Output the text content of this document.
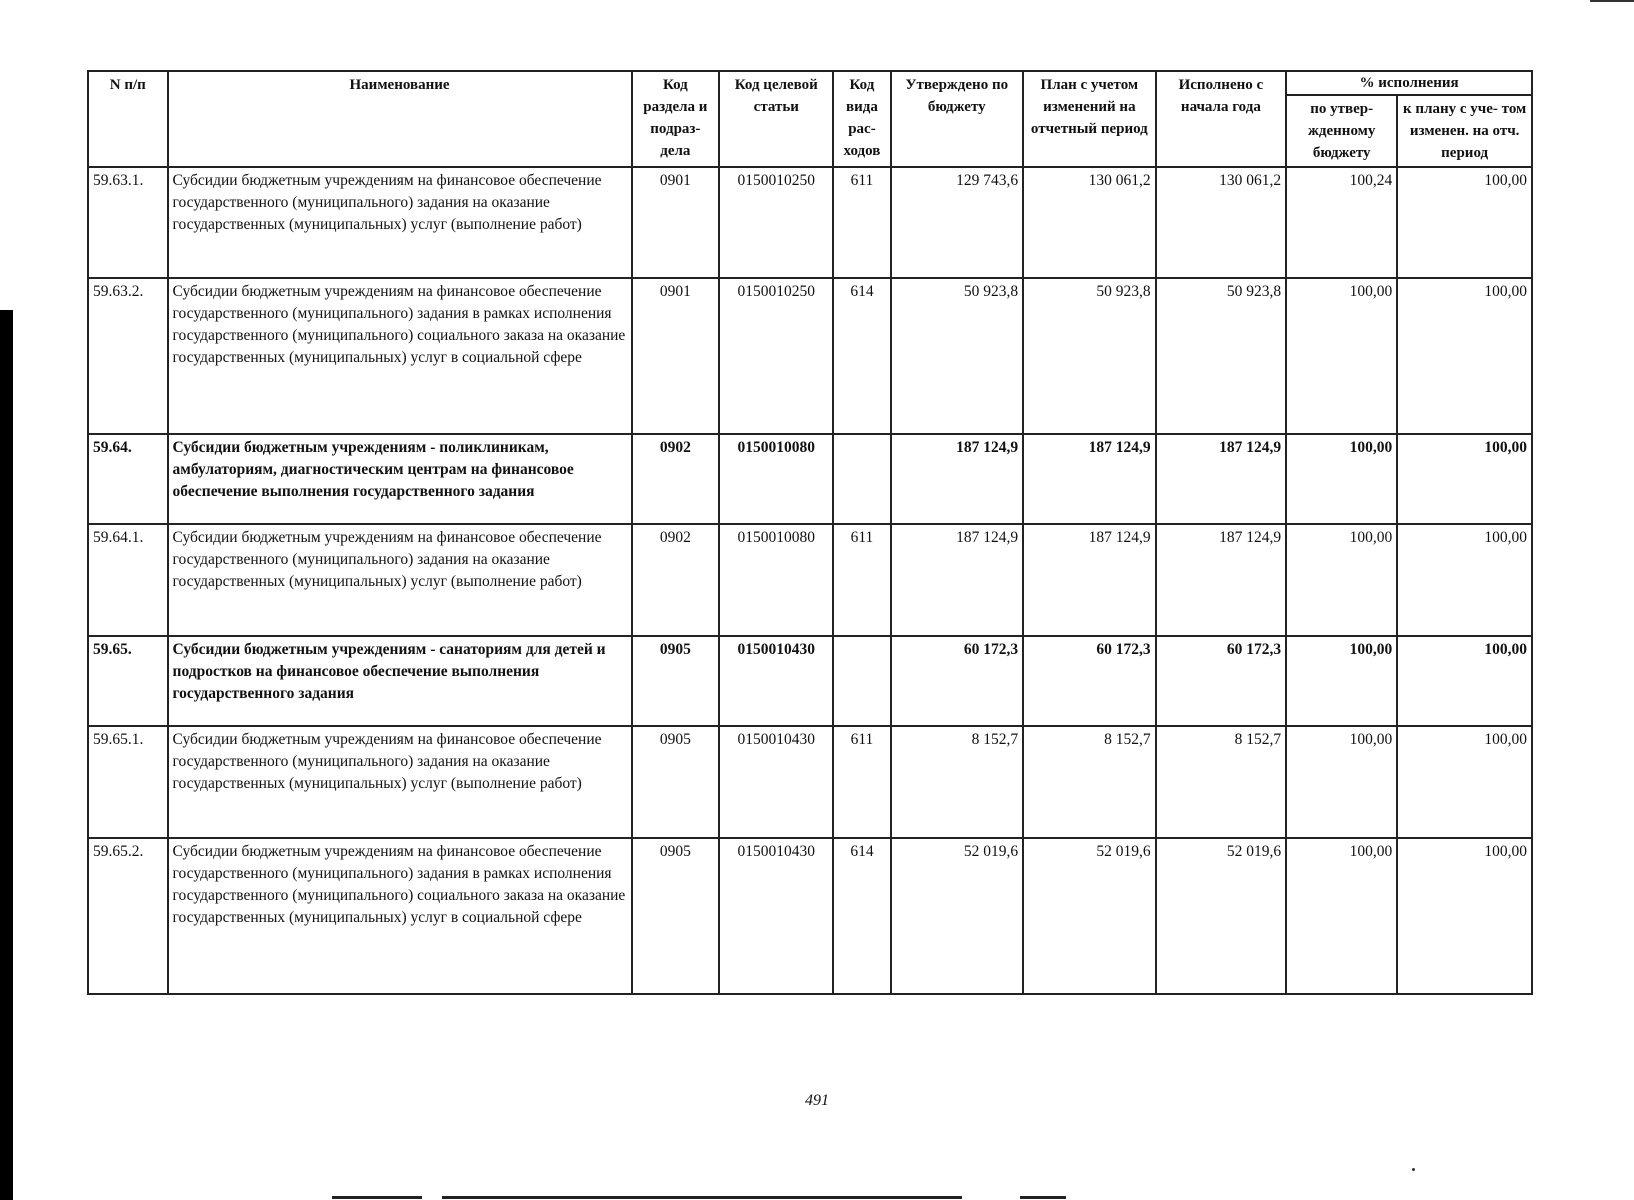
N п/п	Наименование	Код раздела и подраз- дела	Код целевой статьи	Код вида рас- ходов	Утверждено по бюджету	План с учетом изменений на отчетный период	Исполнено с начала года	% исполнения	
								по утвер- жденному бюджету	к плану с уче- том изменен. на отч. период
59.63.1.	Субсидии бюджетным учреждениям на финансовое обеспечение государственного (муниципального) задания на оказание государственных (муниципальных) услуг (выполнение работ)	0901	0150010250	611	129 743,6	130 061,2	130 061,2	100,24	100,00
59.63.2.	Субсидии бюджетным учреждениям на финансовое обеспечение государственного (муниципального) задания в рамках исполнения государственного (муниципального) социального заказа на оказание государственных (муниципальных) услуг в социальной сфере	0901	0150010250	614	50 923,8	50 923,8	50 923,8	100,00	100,00
59.64.	Субсидии бюджетным учреждениям - поликлиникам, амбулаториям, диагностическим центрам на финансовое обеспечение выполнения государственного задания	0902	0150010080		187 124,9	187 124,9	187 124,9	100,00	100,00
59.64.1.	Субсидии бюджетным учреждениям на финансовое обеспечение государственного (муниципального) задания на оказание государственных (муниципальных) услуг (выполнение работ)	0902	0150010080	611	187 124,9	187 124,9	187 124,9	100,00	100,00
59.65.	Субсидии бюджетным учреждениям - санаториям для детей и подростков на финансовое обеспечение выполнения государственного задания	0905	0150010430		60 172,3	60 172,3	60 172,3	100,00	100,00
59.65.1.	Субсидии бюджетным учреждениям на финансовое обеспечение государственного (муниципального) задания на оказание государственных (муниципальных) услуг (выполнение работ)	0905	0150010430	611	8 152,7	8 152,7	8 152,7	100,00	100,00
59.65.2.	Субсидии бюджетным учреждениям на финансовое обеспечение государственного (муниципального) задания в рамках исполнения государственного (муниципального) социального заказа на оказание государственных (муниципальных) услуг в социальной сфере	0905	0150010430	614	52 019,6	52 019,6	52 019,6	100,00	100,00
491
